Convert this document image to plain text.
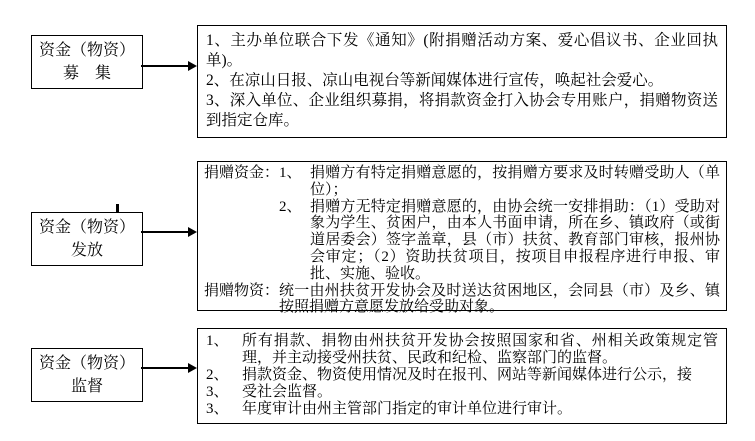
资金（物资）
募　集
1、主办单位联合下发《通知》(附捐赠活动方案、爱心倡议书、企业回执单)。
2、在凉山日报、凉山电视台等新闻媒体进行宣传，唤起社会爱心。
3、深入单位、企业组织募捐，将捐款资金打入协会专用账户，捐赠物资送到指定仓库。
资金（物资）
发放
捐赠资金： 1、 捐赠方有特定捐赠意愿的，按捐赠方要求及时转赠受助人（单位）；
2、 捐赠方无特定捐赠意愿的，由协会统一安排捐助：（1）受助对象为学生、贫困户，由本人书面申请，所在乡、镇政府（或街道居委会）签字盖章，县（市）扶贫、教育部门审核，报州协会审定；（2）资助扶贫项目，按项目申报程序进行申报、审批、实施、验收。
捐赠物资： 统一由州扶贫开发协会及时送达贫困地区，会同县（市）及乡、镇按照捐赠方意愿发放给受助对象。
资金（物资）
监督
1、 所有捐款、捐物由州扶贫开发协会按照国家和省、州相关政策规定管理，并主动接受州扶贫、民政和纪检、监察部门的监督。
2、 捐款资金、物资使用情况及时在报刊、网站等新闻媒体进行公示，接
3、 受社会监督。
3、 年度审计由州主管部门指定的审计单位进行审计。
